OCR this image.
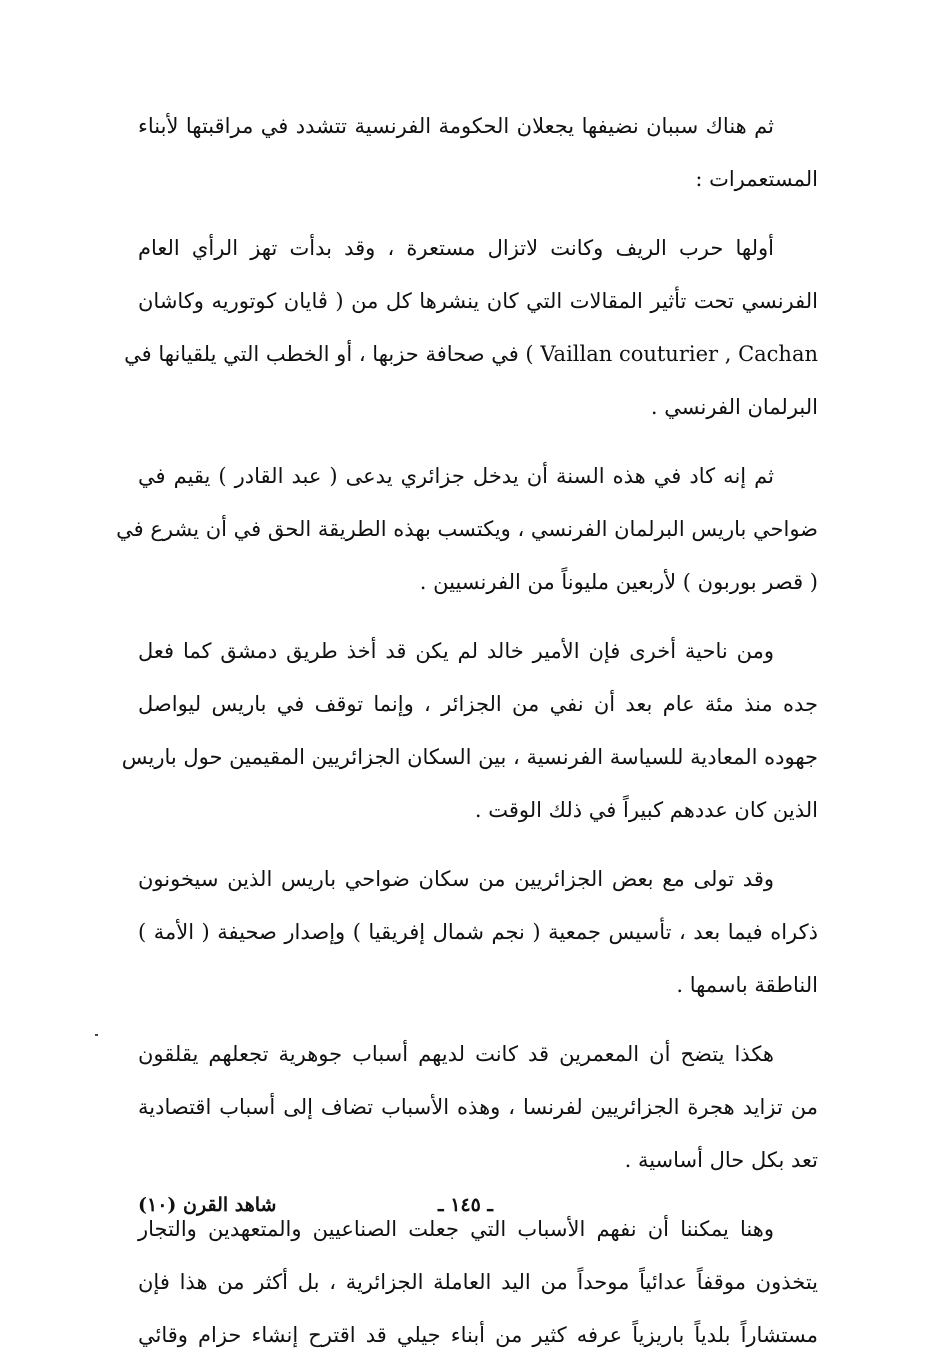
ثم هناك سببان نضيفها يجعلان الحكومة الفرنسية تتشدد في مراقبتها لأبناء
المستعمرات :

أولها حرب الريف وكانت لاتزال مستعرة ، وقد بدأت تهز الرأي العام
الفرنسي تحت تأثير المقالات التي كان ينشرها كل من ( ڤايان كوتوريه وكاشان
Vaillan couturier , Cachan ) في صحافة حزبها ، أو الخطب التي يلقيانها في
البرلمان الفرنسي .

ثم إنه كاد في هذه السنة أن يدخل جزائري يدعى ( عبد القادر ) يقيم في
ضواحي باريس البرلمان الفرنسي ، ويكتسب بهذه الطريقة الحق في أن يشرع في
( قصر بوربون ) لأربعين مليوناً من الفرنسيين .

ومن ناحية أخرى فإن الأمير خالد لم يكن قد أخذ طريق دمشق كما فعل
جده منذ مئة عام بعد أن نفي من الجزائر ، وإنما توقف في باريس ليواصل
جهوده المعادية للسياسة الفرنسية ، بين السكان الجزائريين المقيمين حول باريس
الذين كان عددهم كبيراً في ذلك الوقت .

وقد تولى مع بعض الجزائريين من سكان ضواحي باريس الذين سيخونون
ذكراه فيما بعد ، تأسيس جمعية ( نجم شمال إفريقيا ) وإصدار صحيفة ( الأمة )
الناطقة باسمها .

هكذا يتضح أن المعمرين قد كانت لديهم أسباب جوهرية تجعلهم يقلقون
من تزايد هجرة الجزائريين لفرنسا ، وهذه الأسباب تضاف إلى أسباب اقتصادية
تعد بكل حال أساسية .

وهنا يمكننا أن نفهم الأسباب التي جعلت الصناعيين والمتعهدين والتجار
يتخذون موقفاً عدائياً موحداً من اليد العاملة الجزائرية ، بل أكثر من هذا فإن
مستشاراً بلدياً باريزياً عرفه كثير من أبناء جيلي قد اقترح إنشاء حزام وقائي

ـ ١٤٥ ـ
شاهد القرن (١٠)
